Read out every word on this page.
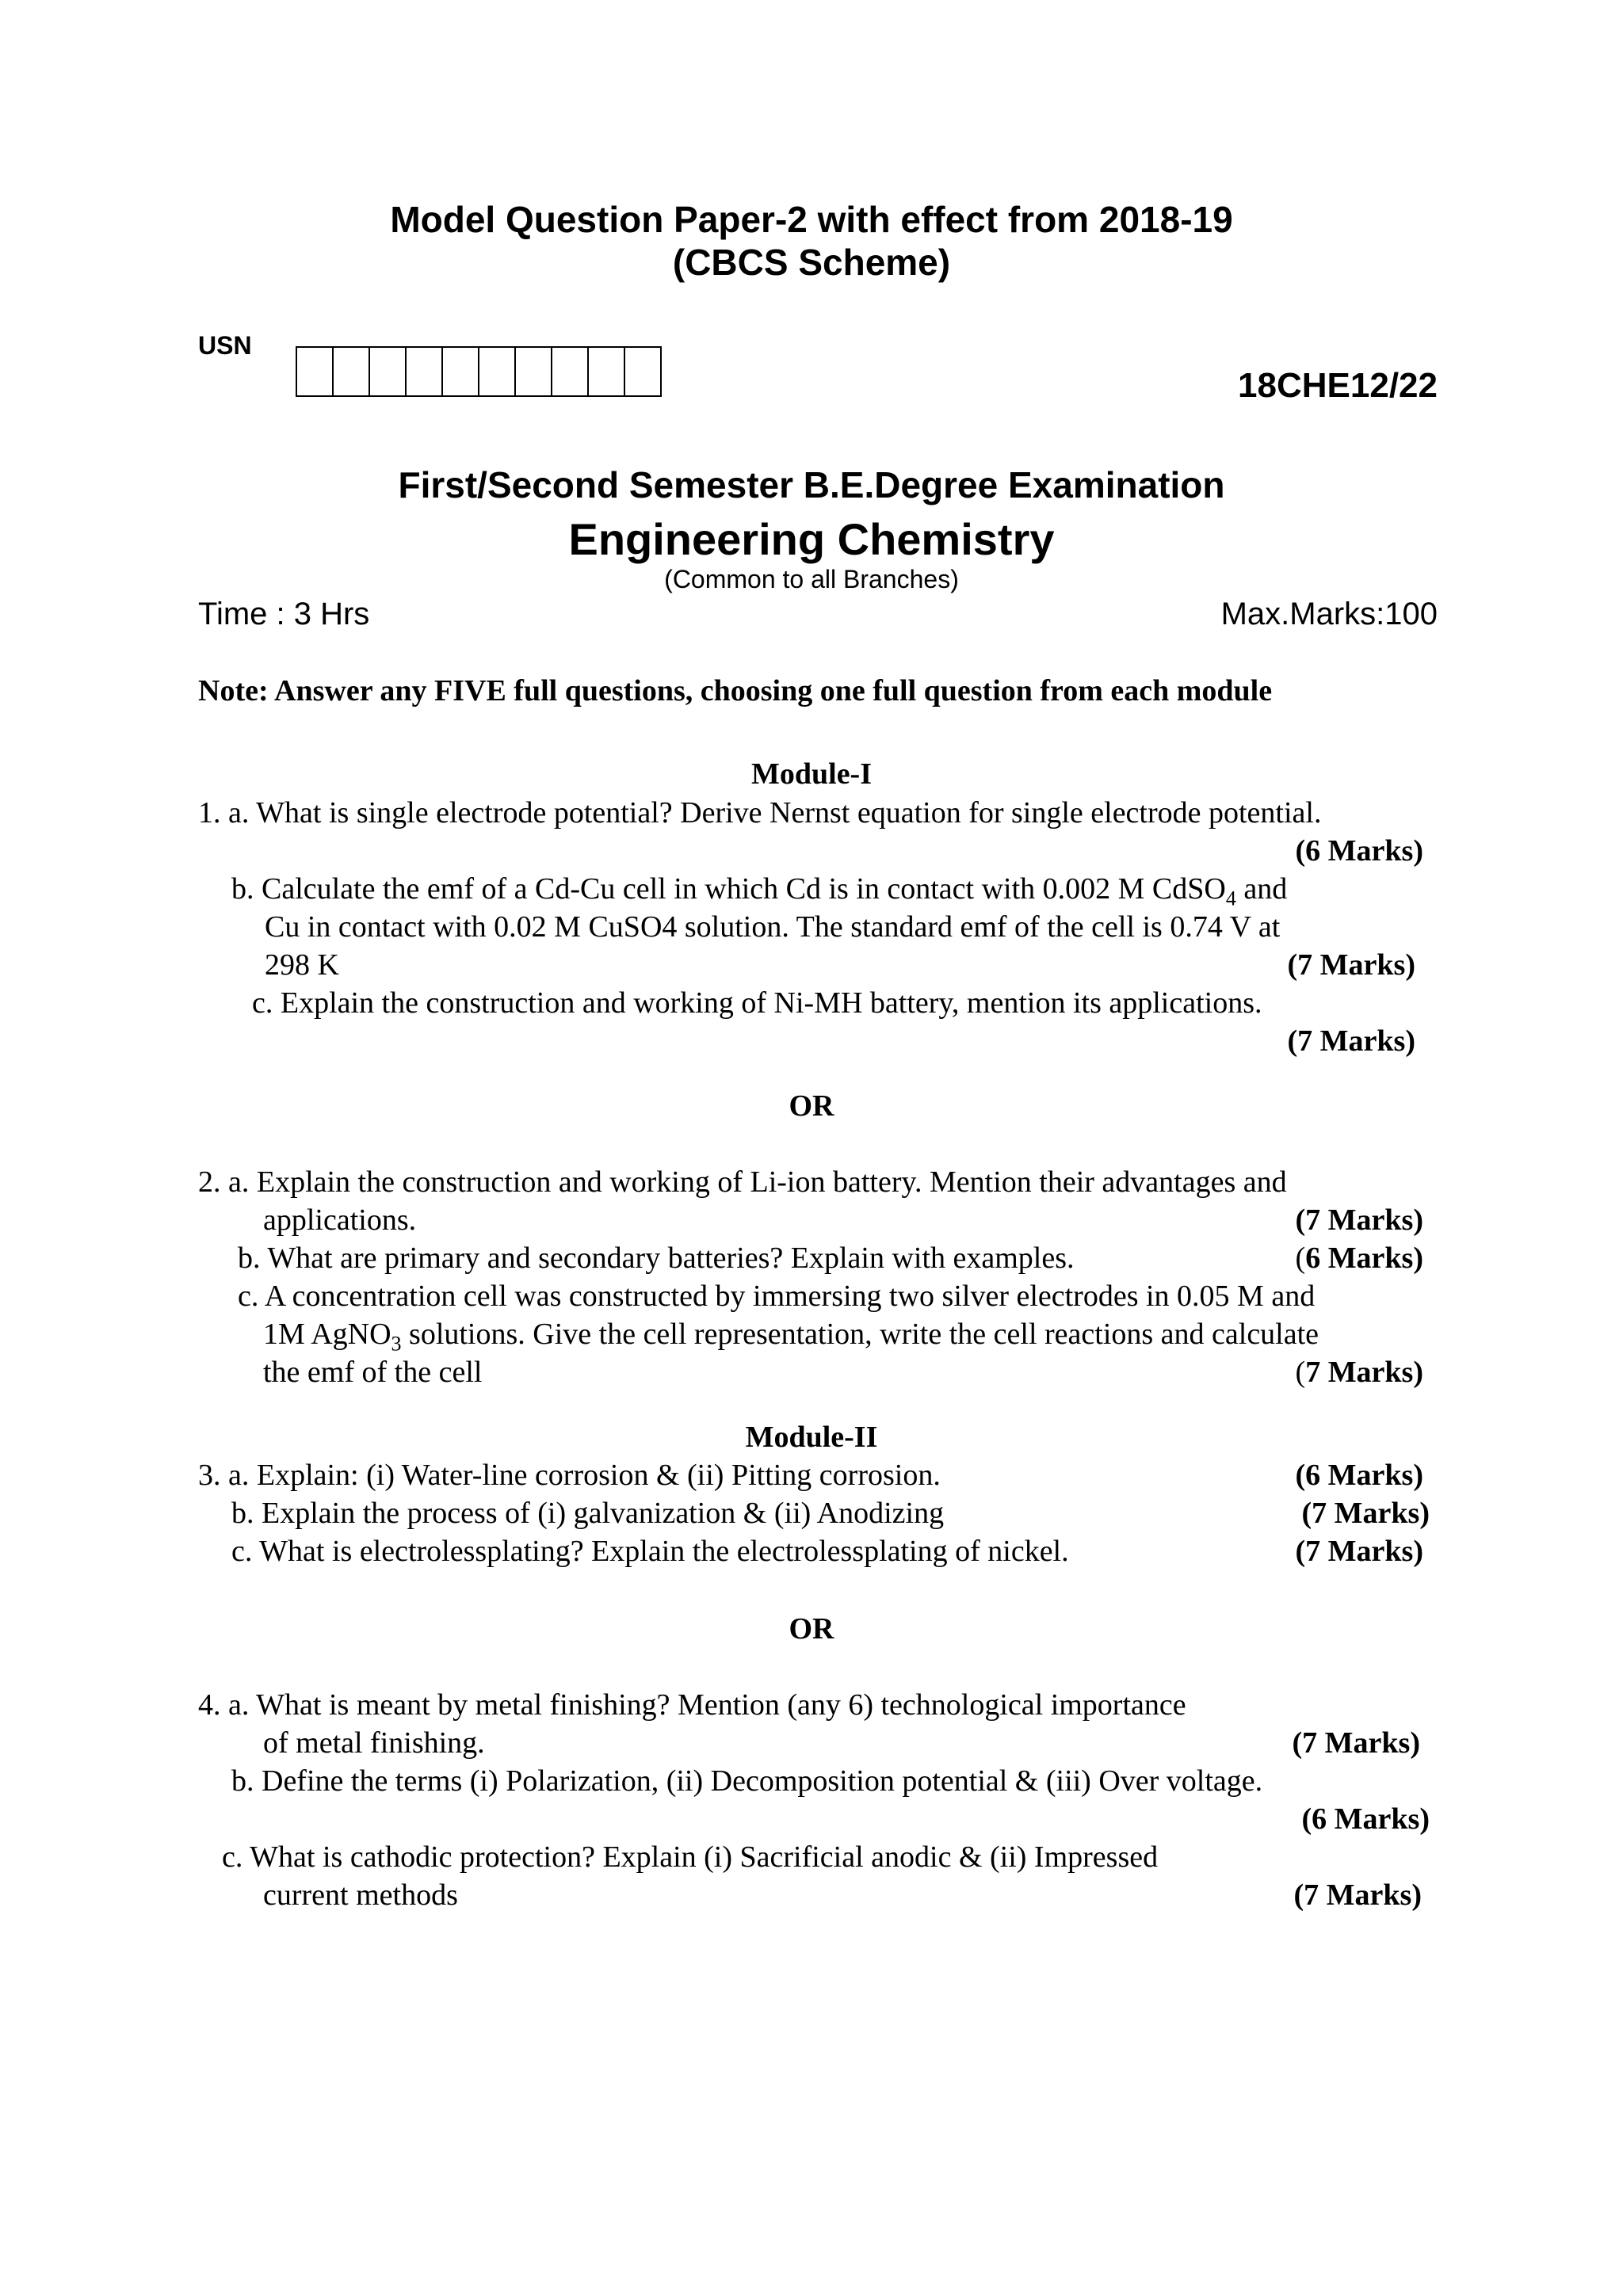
Model Question Paper-2 with effect from 2018-19
(CBCS Scheme)
USN
18CHE12/22
First/Second Semester B.E.Degree Examination
Engineering Chemistry
(Common to all Branches)
Time : 3 Hrs	Max.Marks:100
Note: Answer any FIVE full questions, choosing one full question from each module
Module-I
1. a. What is single electrode potential? Derive Nernst equation for single electrode potential.
(6 Marks)
b. Calculate the emf of a Cd-Cu cell in which Cd is in contact with 0.002 M CdSO$_4$ and
Cu in contact with 0.02 M CuSO4 solution. The standard emf of the cell is 0.74 V at
298 K	(7 Marks)
c. Explain the construction and working of Ni-MH battery, mention its applications.
(7 Marks)
OR
2. a. Explain the construction and working of Li-ion battery. Mention their advantages and
applications.	(7 Marks)
b. What are primary and secondary batteries? Explain with examples.	(6 Marks)
c. A concentration cell was constructed by immersing two silver electrodes in 0.05 M and
1M AgNO$_3$ solutions. Give the cell representation, write the cell reactions and calculate
the emf of the cell	(7 Marks)
Module-II
3. a. Explain: (i) Water-line corrosion & (ii) Pitting corrosion.	(6 Marks)
b. Explain the process of (i) galvanization & (ii) Anodizing	(7 Marks)
c. What is electrolessplating? Explain the electrolessplating of nickel.	(7 Marks)
OR
4. a. What is meant by metal finishing? Mention (any 6) technological importance
of metal finishing.	(7 Marks)
b. Define the terms (i) Polarization, (ii) Decomposition potential & (iii) Over voltage.
(6 Marks)
c. What is cathodic protection? Explain (i) Sacrificial anodic & (ii) Impressed
current methods	(7 Marks)
